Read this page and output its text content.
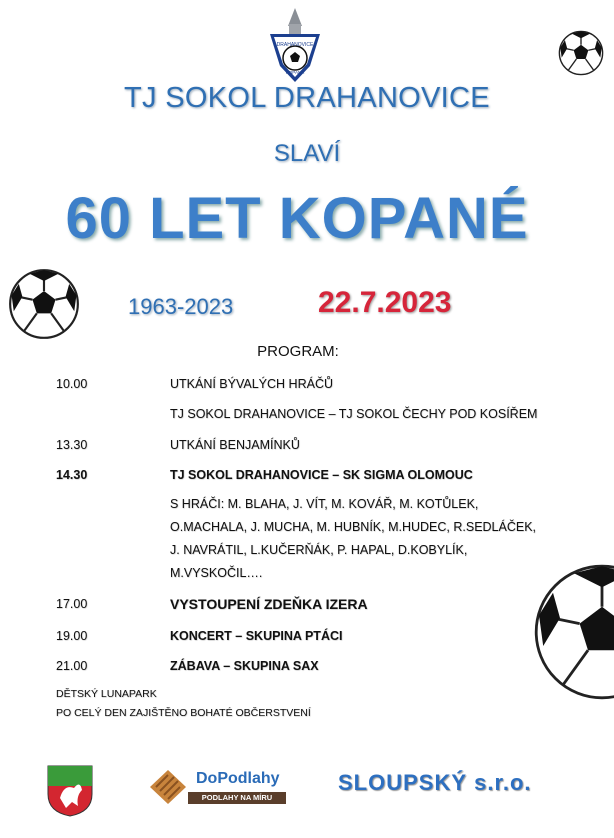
DRAHANOVICE
KOPANÁ
TJ SOKOL DRAHANOVICE
SLAVÍ
60 LET KOPANÉ
1963-2023	22.7.2023
PROGRAM:
10.00	UTKÁNÍ BÝVALÝCH HRÁČŮ
TJ SOKOL DRAHANOVICE – TJ SOKOL ČECHY POD KOSÍŘEM
13.30	UTKÁNÍ BENJAMÍNKŮ
14.30	TJ SOKOL DRAHANOVICE – SK SIGMA OLOMOUC
S HRÁČI: M. BLAHA, J. VÍT, M. KOVÁŘ, M. KOTŮLEK,
O.MACHALA, J. MUCHA, M. HUBNÍK, M.HUDEC, R.SEDLÁČEK,
J. NAVRÁTIL, L.KUČERŇÁK, P. HAPAL, D.KOBYLÍK,
M.VYSKOČIL….
17.00	VYSTOUPENÍ ZDEŇKA IZERA
19.00	KONCERT – SKUPINA PTÁCI
21.00	ZÁBAVA – SKUPINA SAX
DĚTSKÝ LUNAPARK
PO CELÝ DEN ZAJIŠTĚNO BOHATÉ OBČERSTVENÍ
DoPodlahy
PODLAHY NA MÍRU
SLOUPSKÝ s.r.o.
